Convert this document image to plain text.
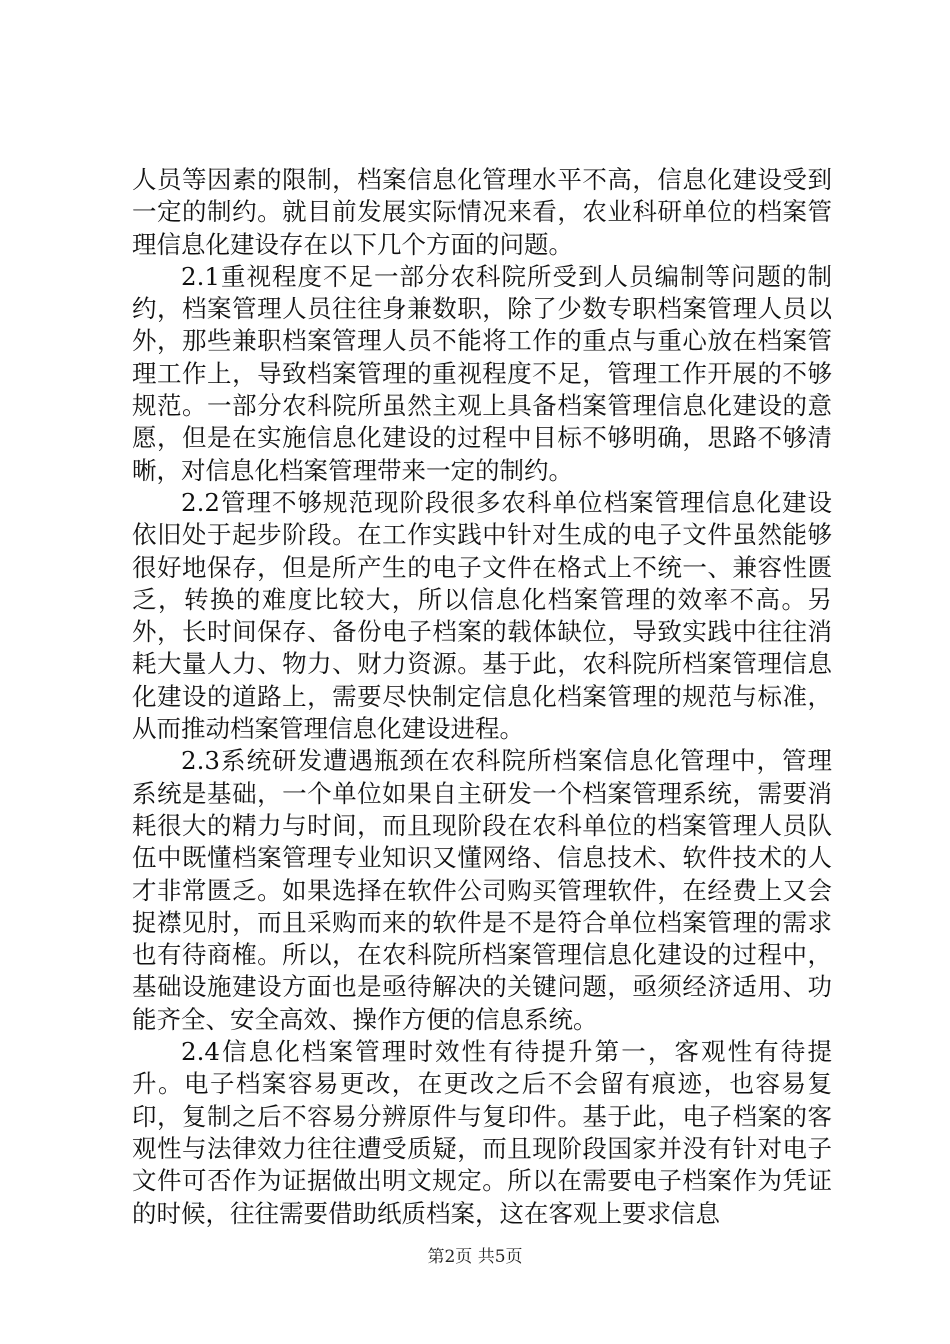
人员等因素的限制，档案信息化管理水平不高，信息化建设受到一定的制约。就目前发展实际情况来看，农业科研单位的档案管理信息化建设存在以下几个方面的问题。

2.1重视程度不足一部分农科院所受到人员编制等问题的制约，档案管理人员往往身兼数职，除了少数专职档案管理人员以外，那些兼职档案管理人员不能将工作的重点与重心放在档案管理工作上，导致档案管理的重视程度不足，管理工作开展的不够规范。一部分农科院所虽然主观上具备档案管理信息化建设的意愿，但是在实施信息化建设的过程中目标不够明确，思路不够清晰，对信息化档案管理带来一定的制约。

2.2管理不够规范现阶段很多农科单位档案管理信息化建设依旧处于起步阶段。在工作实践中针对生成的电子文件虽然能够很好地保存，但是所产生的电子文件在格式上不统一、兼容性匮乏，转换的难度比较大，所以信息化档案管理的效率不高。另外，长时间保存、备份电子档案的载体缺位，导致实践中往往消耗大量人力、物力、财力资源。基于此，农科院所档案管理信息化建设的道路上，需要尽快制定信息化档案管理的规范与标准，从而推动档案管理信息化建设进程。

2.3系统研发遭遇瓶颈在农科院所档案信息化管理中，管理系统是基础，一个单位如果自主研发一个档案管理系统，需要消耗很大的精力与时间，而且现阶段在农科单位的档案管理人员队伍中既懂档案管理专业知识又懂网络、信息技术、软件技术的人才非常匮乏。如果选择在软件公司购买管理软件，在经费上又会捉襟见肘，而且采购而来的软件是不是符合单位档案管理的需求也有待商榷。所以，在农科院所档案管理信息化建设的过程中，基础设施建设方面也是亟待解决的关键问题，亟须经济适用、功能齐全、安全高效、操作方便的信息系统。

2.4信息化档案管理时效性有待提升第一，客观性有待提升。电子档案容易更改，在更改之后不会留有痕迹，也容易复印，复制之后不容易分辨原件与复印件。基于此，电子档案的客观性与法律效力往往遭受质疑，而且现阶段国家并没有针对电子文件可否作为证据做出明文规定。所以在需要电子档案作为凭证的时候，往往需要借助纸质档案，这在客观上要求信息

第2页 共5页
